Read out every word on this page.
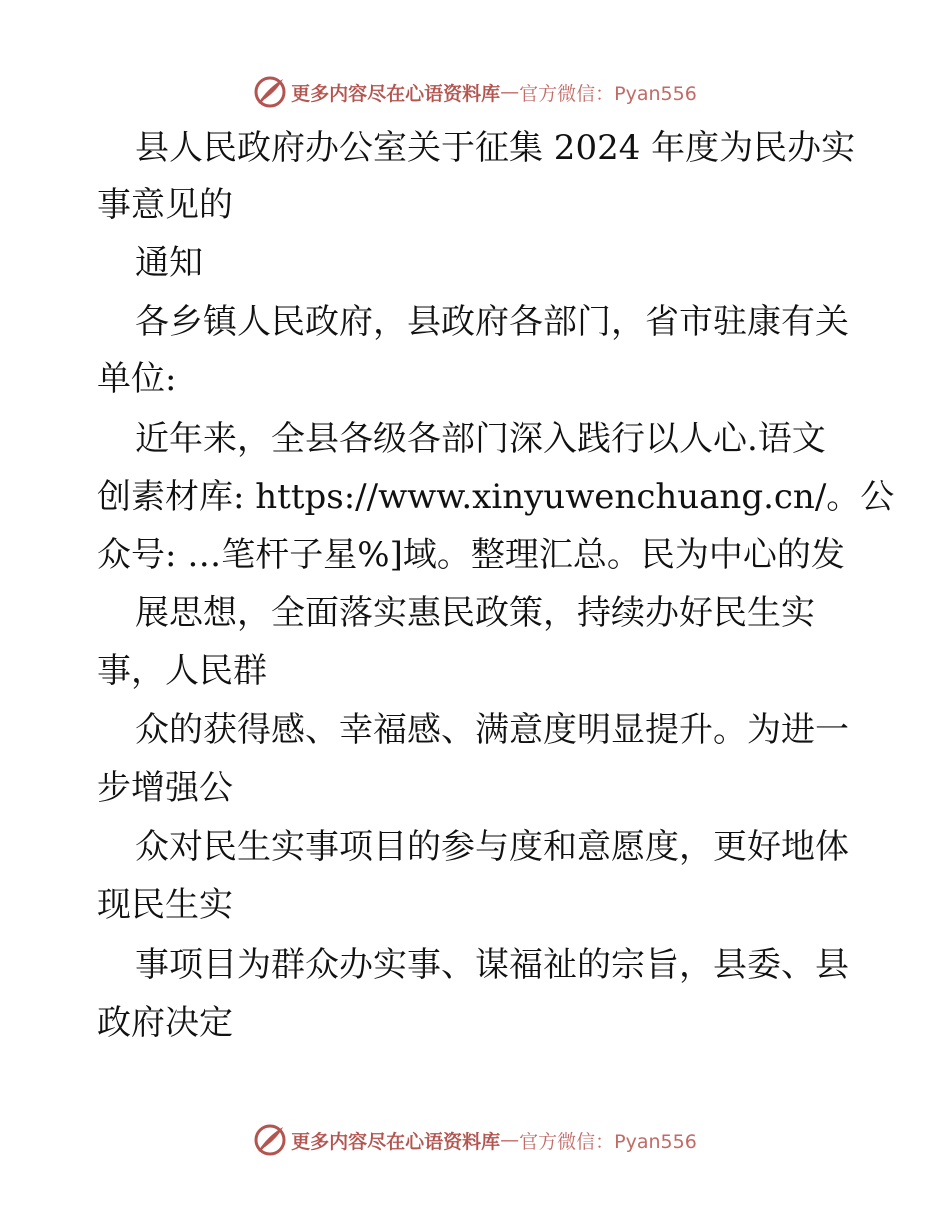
更多内容尽在心语资料库 — 官方微信：Pyan556
县人民政府办公室关于征集 2024 年度为民办实
事意见的
通知
各乡镇人民政府，县政府各部门，省市驻康有关
单位:
近年来，全县各级各部门深入践行以人心.语文
创素材库: https://www.xinyuwenchuang.cn/。公
众号: …笔杆子星%]域。整理汇总。民为中心的发
展思想，全面落实惠民政策，持续办好民生实
事，人民群
众的获得感、幸福感、满意度明显提升。为进一
步增强公
众对民生实事项目的参与度和意愿度，更好地体
现民生实
事项目为群众办实事、谋福祉的宗旨，县委、县
政府决定
更多内容尽在心语资料库 — 官方微信：Pyan556
